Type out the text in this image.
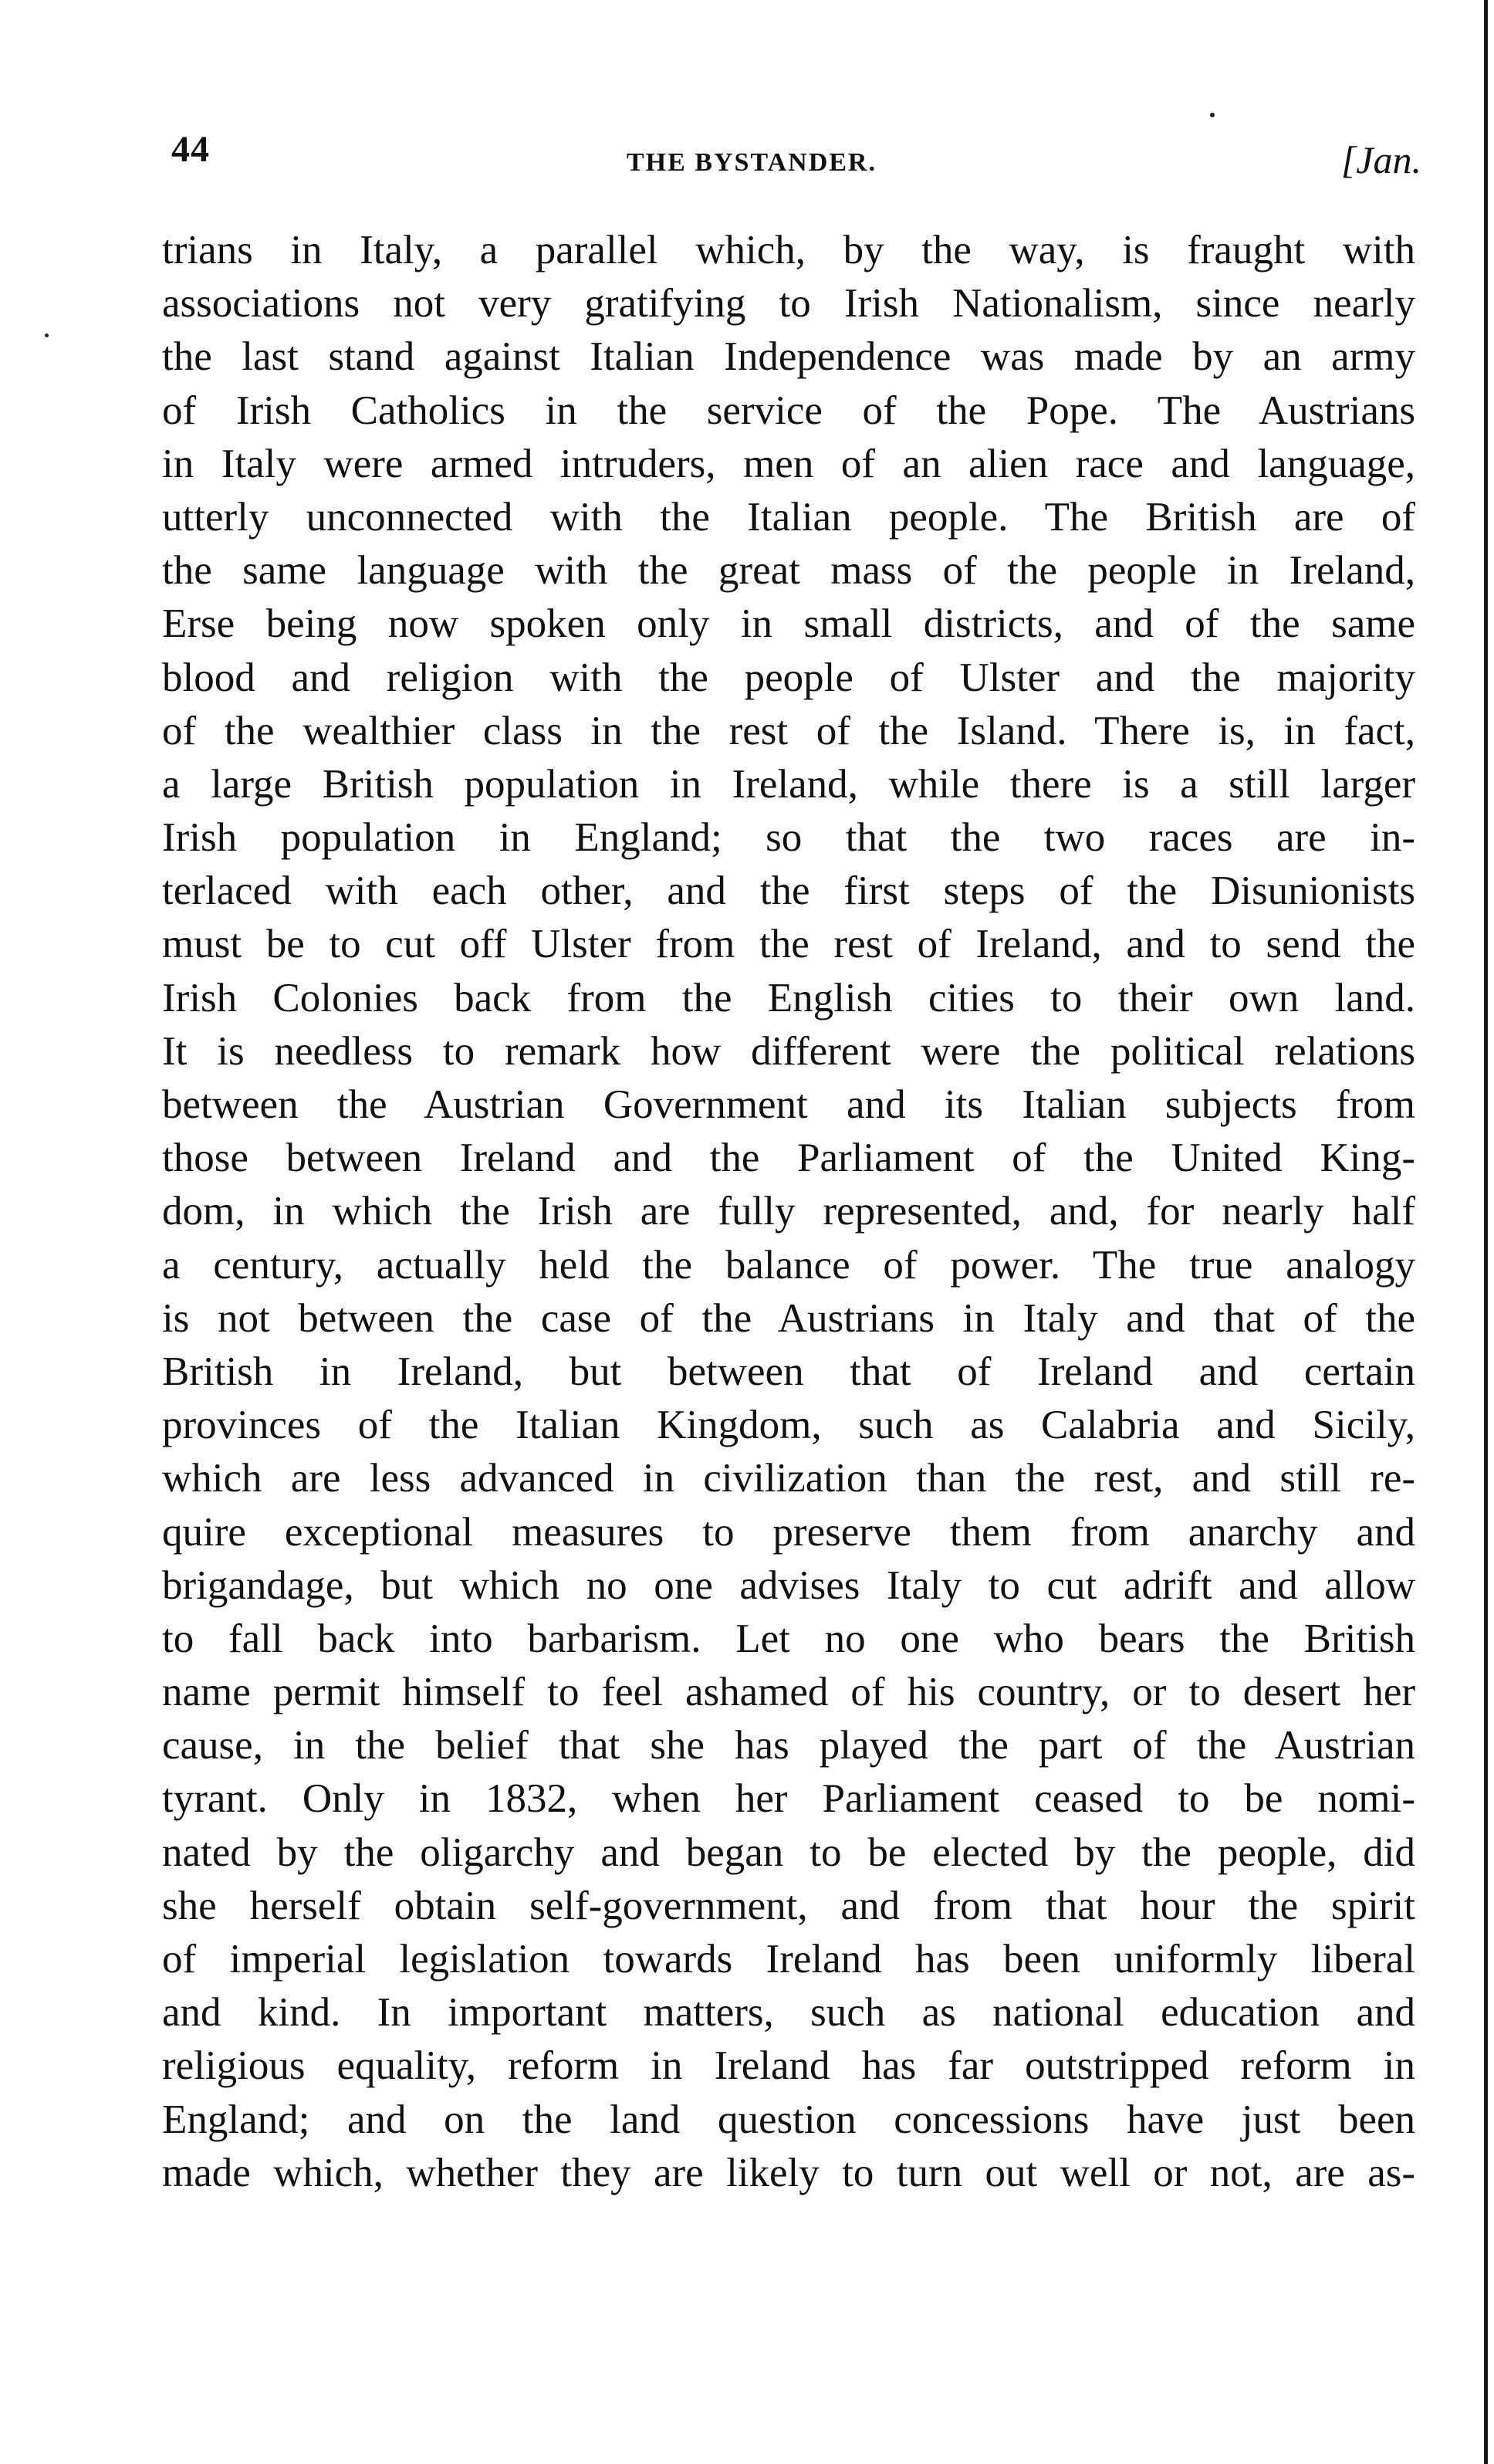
44	THE BYSTANDER.	[Jan.
trians in Italy, a parallel which, by the way, is fraught with
associations not very gratifying to Irish Nationalism, since nearly
the last stand against Italian Independence was made by an army
of Irish Catholics in the service of the Pope. The Austrians
in Italy were armed intruders, men of an alien race and language,
utterly unconnected with the Italian people. The British are of
the same language with the great mass of the people in Ireland,
Erse being now spoken only in small districts, and of the same
blood and religion with the people of Ulster and the majority
of the wealthier class in the rest of the Island. There is, in fact,
a large British population in Ireland, while there is a still larger
Irish population in England; so that the two races are in-
terlaced with each other, and the first steps of the Disunionists
must be to cut off Ulster from the rest of Ireland, and to send the
Irish Colonies back from the English cities to their own land.
It is needless to remark how different were the political relations
between the Austrian Government and its Italian subjects from
those between Ireland and the Parliament of the United King-
dom, in which the Irish are fully represented, and, for nearly half
a century, actually held the balance of power. The true analogy
is not between the case of the Austrians in Italy and that of the
British in Ireland, but between that of Ireland and certain
provinces of the Italian Kingdom, such as Calabria and Sicily,
which are less advanced in civilization than the rest, and still re-
quire exceptional measures to preserve them from anarchy and
brigandage, but which no one advises Italy to cut adrift and allow
to fall back into barbarism. Let no one who bears the British
name permit himself to feel ashamed of his country, or to desert her
cause, in the belief that she has played the part of the Austrian
tyrant. Only in 1832, when her Parliament ceased to be nomi-
nated by the oligarchy and began to be elected by the people, did
she herself obtain self-government, and from that hour the spirit
of imperial legislation towards Ireland has been uniformly liberal
and kind. In important matters, such as national education and
religious equality, reform in Ireland has far outstripped reform in
England; and on the land question concessions have just been
made which, whether they are likely to turn out well or not, are as-
